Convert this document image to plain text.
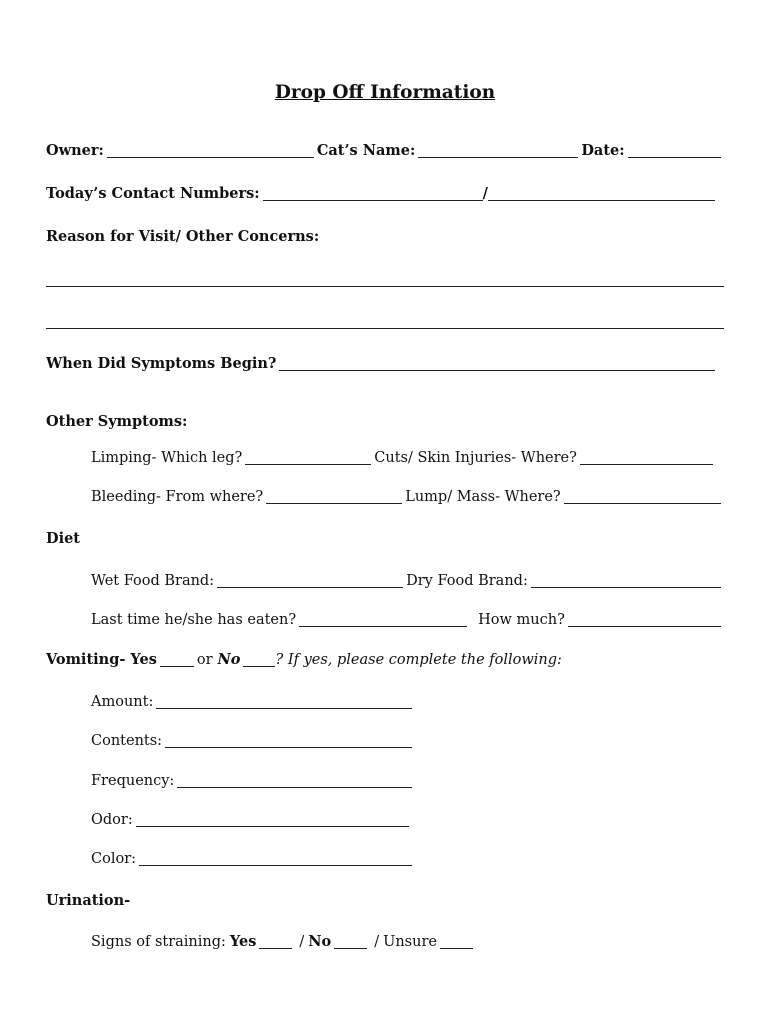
Drop Off Information
Owner:	Cat’s Name:	Date:
Today’s Contact Numbers:	/
Reason for Visit/ Other Concerns:
When Did Symptoms Begin?
Other Symptoms:
Limping- Which leg?	Cuts/ Skin Injuries- Where?
Bleeding- From where?	Lump/ Mass- Where?
Diet
Wet Food Brand:	Dry Food Brand:
Last time he/she has eaten?	How much?
Vomiting- Yes	or No ? If yes, please complete the following:
Amount:
Contents:
Frequency:
Odor:
Color:
Urination-
Signs of straining: Yes	/ No	/ Unsure
